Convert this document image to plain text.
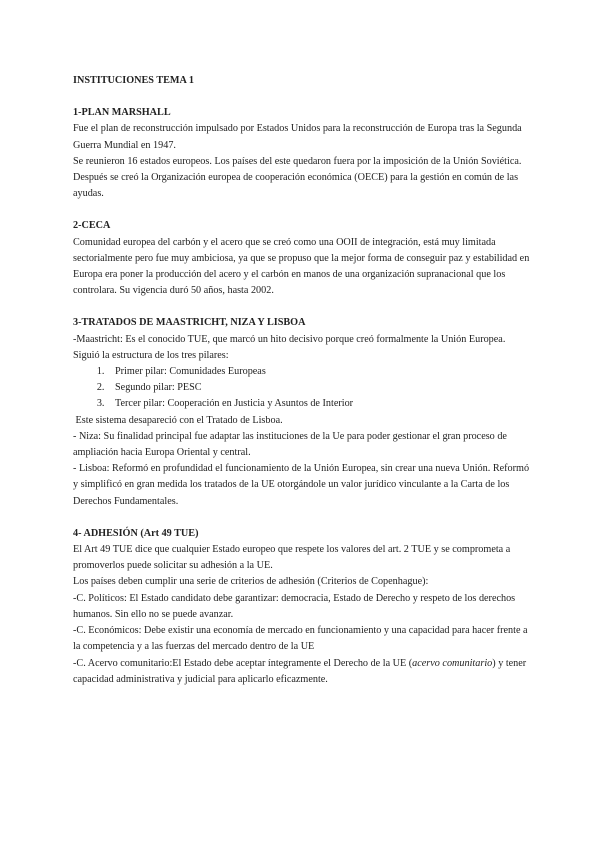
INSTITUCIONES TEMA 1

1-PLAN MARSHALL

Fue el plan de reconstrucción impulsado por Estados Unidos para la reconstrucción de Europa tras la Segunda Guerra Mundial en 1947.

Se reunieron 16 estados europeos. Los países del este quedaron fuera por la imposición de la Unión Soviética.

Después se creó la Organización europea de cooperación económica (OECE) para la gestión en común de las ayudas.

2-CECA

Comunidad europea del carbón y el acero que se creó como una OOII de integración, está muy limitada sectorialmente pero fue muy ambiciosa, ya que se propuso que la mejor forma de conseguir paz y estabilidad en Europa era poner la producción del acero y el carbón en manos de una organización supranacional que los controlara. Su vigencia duró 50 años, hasta 2002.

3-TRATADOS DE MAASTRICHT, NIZA Y LISBOA

-Maastricht: Es el conocido TUE, que marcó un hito decisivo porque creó formalmente la Unión Europea. Siguió la estructura de los tres pilares:

1. Primer pilar: Comunidades Europeas
2. Segundo pilar: PESC
3. Tercer pilar: Cooperación en Justicia y Asuntos de Interior

Este sistema desapareció con el Tratado de Lisboa.

- Niza: Su finalidad principal fue adaptar las instituciones de la Ue para poder gestionar el gran proceso de ampliación hacia Europa Oriental y central.

- Lisboa: Reformó en profundidad el funcionamiento de la Unión Europea, sin crear una nueva Unión. Reformó y simplificó en gran medida los tratados de la UE otorgándole un valor jurídico vinculante a la Carta de los Derechos Fundamentales.

4- ADHESIÓN (Art 49 TUE)

El Art 49 TUE dice que cualquier Estado europeo que respete los valores del art. 2 TUE y se comprometa a promoverlos puede solicitar su adhesión a la UE.

Los países deben cumplir una serie de criterios de adhesión (Criterios de Copenhague):

-C. Políticos: El Estado candidato debe garantizar: democracia, Estado de Derecho y respeto de los derechos humanos. Sin ello no se puede avanzar.

-C. Económicos: Debe existir una economía de mercado en funcionamiento y una capacidad para hacer frente a la competencia y a las fuerzas del mercado dentro de la UE

-C. Acervo comunitario:El Estado debe aceptar íntegramente el Derecho de la UE (acervo comunitario) y tener capacidad administrativa y judicial para aplicarlo eficazmente.
